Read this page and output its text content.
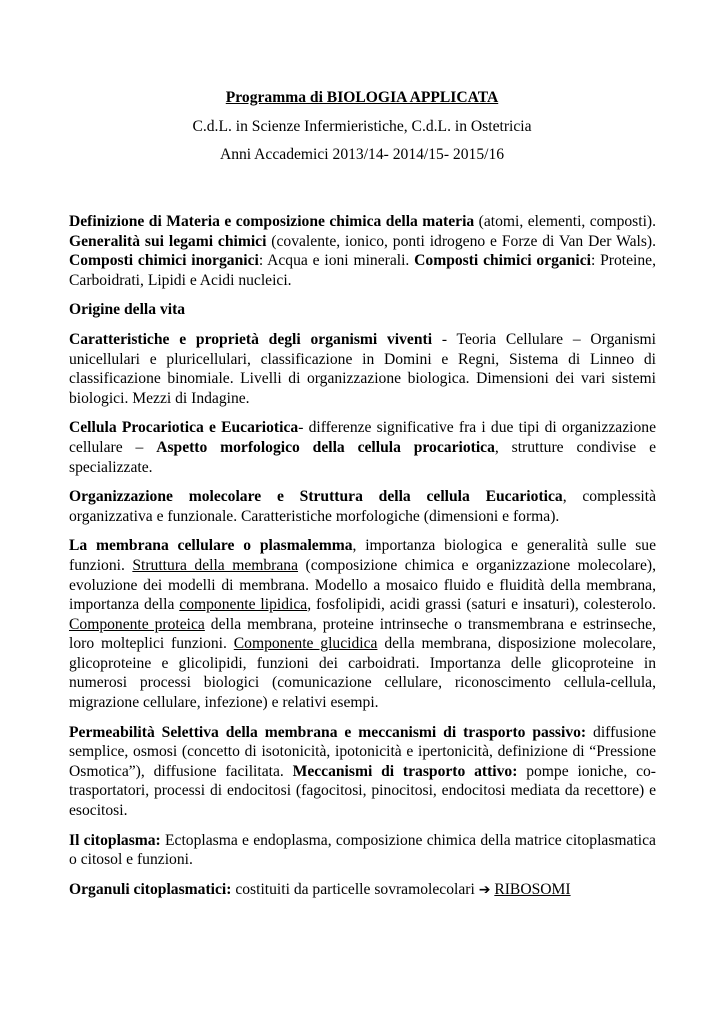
Programma di BIOLOGIA APPLICATA
C.d.L. in Scienze Infermieristiche, C.d.L. in Ostetricia
Anni Accademici 2013/14- 2014/15- 2015/16

Definizione di Materia e composizione chimica della materia (atomi, elementi, composti). Generalità sui legami chimici (covalente, ionico, ponti idrogeno e Forze di Van Der Wals). Composti chimici inorganici: Acqua e ioni minerali. Composti chimici organici: Proteine, Carboidrati, Lipidi e Acidi nucleici.

Origine della vita

Caratteristiche e proprietà degli organismi viventi - Teoria Cellulare – Organismi unicellulari e pluricellulari, classificazione in Domini e Regni, Sistema di Linneo di classificazione binomiale. Livelli di organizzazione biologica. Dimensioni dei vari sistemi biologici. Mezzi di Indagine.

Cellula Procariotica e Eucariotica- differenze significative fra i due tipi di organizzazione cellulare – Aspetto morfologico della cellula procariotica, strutture condivise e specializzate.

Organizzazione molecolare e Struttura della cellula Eucariotica, complessità organizzativa e funzionale. Caratteristiche morfologiche (dimensioni e forma).

La membrana cellulare o plasmalemma, importanza biologica e generalità sulle sue funzioni. Struttura della membrana (composizione chimica e organizzazione molecolare), evoluzione dei modelli di membrana. Modello a mosaico fluido e fluidità della membrana, importanza della componente lipidica, fosfolipidi, acidi grassi (saturi e insaturi), colesterolo. Componente proteica della membrana, proteine intrinseche o transmembrana e estrinseche, loro molteplici funzioni. Componente glucidica della membrana, disposizione molecolare, glicoproteine e glicolipidi, funzioni dei carboidrati. Importanza delle glicoproteine in numerosi processi biologici (comunicazione cellulare, riconoscimento cellula-cellula, migrazione cellulare, infezione) e relativi esempi.

Permeabilità Selettiva della membrana e meccanismi di trasporto passivo: diffusione semplice, osmosi (concetto di isotonicità, ipotonicità e ipertonicità, definizione di “Pressione Osmotica”), diffusione facilitata. Meccanismi di trasporto attivo: pompe ioniche, co-trasportatori, processi di endocitosi (fagocitosi, pinocitosi, endocitosi mediata da recettore) e esocitosi.

Il citoplasma: Ectoplasma e endoplasma, composizione chimica della matrice citoplasmatica o citosol e funzioni.

Organuli citoplasmatici: costituiti da particelle sovramolecolari ➔ RIBOSOMI
